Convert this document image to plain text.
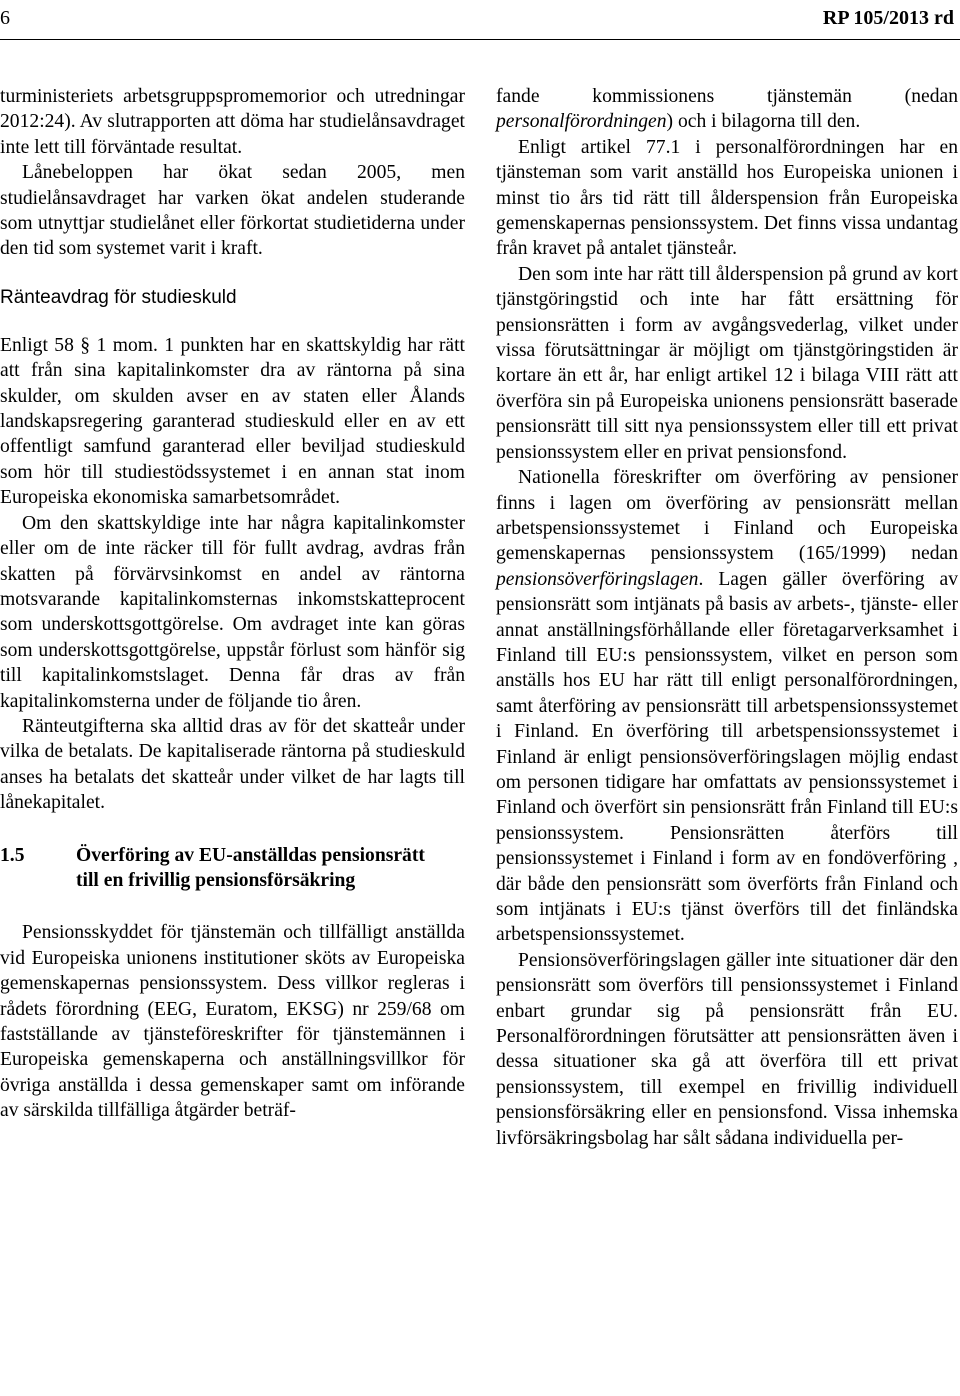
6	RP 105/2013 rd

turministeriets arbetsgruppspromemorior och utredningar 2012:24). Av slutrapporten att döma har studielånsavdraget inte lett till förväntade resultat.

Lånebeloppen har ökat sedan 2005, men studielånsavdraget har varken ökat andelen studerande som utnyttjar studielånet eller förkortat studietiderna under den tid som systemet varit i kraft.

Ränteavdrag för studieskuld

Enligt 58 § 1 mom. 1 punkten har en skattskyldig har rätt att från sina kapitalinkomster dra av räntorna på sina skulder, om skulden avser en av staten eller Ålands landskapsregering garanterad studieskuld eller en av ett offentligt samfund garanterad eller beviljad studieskuld som hör till studiestödssystemet i en annan stat inom Europeiska ekonomiska samarbetsområdet.

Om den skattskyldige inte har några kapitalinkomster eller om de inte räcker till för fullt avdrag, avdras från skatten på förvärvsinkomst en andel av räntorna motsvarande kapitalinkomsternas inkomstskatteprocent som underskottsgottgörelse. Om avdraget inte kan göras som underskottsgottgörelse, uppstår förlust som hänför sig till kapitalinkomstslaget. Denna får dras av från kapitalinkomsterna under de följande tio åren.

Ränteutgifterna ska alltid dras av för det skatteår under vilka de betalats. De kapitaliserade räntorna på studieskuld anses ha betalats det skatteår under vilket de har lagts till lånekapitalet.

1.5	Överföring av EU-anställdas pensionsrätt till en frivillig pensionsförsäkring

Pensionsskyddet för tjänstemän och tillfälligt anställda vid Europeiska unionens institutioner sköts av Europeiska gemenskapernas pensionssystem. Dess villkor regleras i rådets förordning (EEG, Euratom, EKSG) nr 259/68 om fastställande av tjänsteföreskrifter för tjänstemännen i Europeiska gemenskaperna och anställningsvillkor för övriga anställda i dessa gemenskaper samt om införande av särskilda tillfälliga åtgärder beträf-

fande kommissionens tjänstemän (nedan personalförordningen) och i bilagorna till den.

Enligt artikel 77.1 i personalförordningen har en tjänsteman som varit anställd hos Europeiska unionen i minst tio års tid rätt till ålderspension från Europeiska gemenskapernas pensionssystem. Det finns vissa undantag från kravet på antalet tjänsteår.

Den som inte har rätt till ålderspension på grund av kort tjänstgöringstid och inte har fått ersättning för pensionsrätten i form av avgångsvederlag, vilket under vissa förutsättningar är möjligt om tjänstgöringstiden är kortare än ett år, har enligt artikel 12 i bilaga VIII rätt att överföra sin på Europeiska unionens pensionsrätt baserade pensionsrätt till sitt nya pensionssystem eller till ett privat pensionssystem eller en privat pensionsfond.

Nationella föreskrifter om överföring av pensioner finns i lagen om överföring av pensionsrätt mellan arbetspensionssystemet i Finland och Europeiska gemenskapernas pensionssystem (165/1999) nedan pensionsöverföringslagen. Lagen gäller överföring av pensionsrätt som intjänats på basis av arbets-, tjänste- eller annat anställningsförhållande eller företagarverksamhet i Finland till EU:s pensionssystem, vilket en person som anställs hos EU har rätt till enligt personalförordningen, samt återföring av pensionsrätt till arbetspensionssystemet i Finland. En överföring till arbetspensionssystemet i Finland är enligt pensionsöverföringslagen möjlig endast om personen tidigare har omfattats av pensionssystemet i Finland och överfört sin pensionsrätt från Finland till EU:s pensionssystem. Pensionsrätten återförs till pensionssystemet i Finland i form av en fondöverföring , där både den pensionsrätt som överförts från Finland och som intjänats i EU:s tjänst överförs till det finländska arbetspensionssystemet.

Pensionsöverföringslagen gäller inte situationer där den pensionsrätt som överförs till pensionssystemet i Finland enbart grundar sig på pensionsrätt från EU. Personalförordningen förutsätter att pensionsrätten även i dessa situationer ska gå att överföra till ett privat pensionssystem, till exempel en frivillig individuell pensionsförsäkring eller en pensionsfond. Vissa inhemska livförsäkringsbolag har sålt sådana individuella per-
